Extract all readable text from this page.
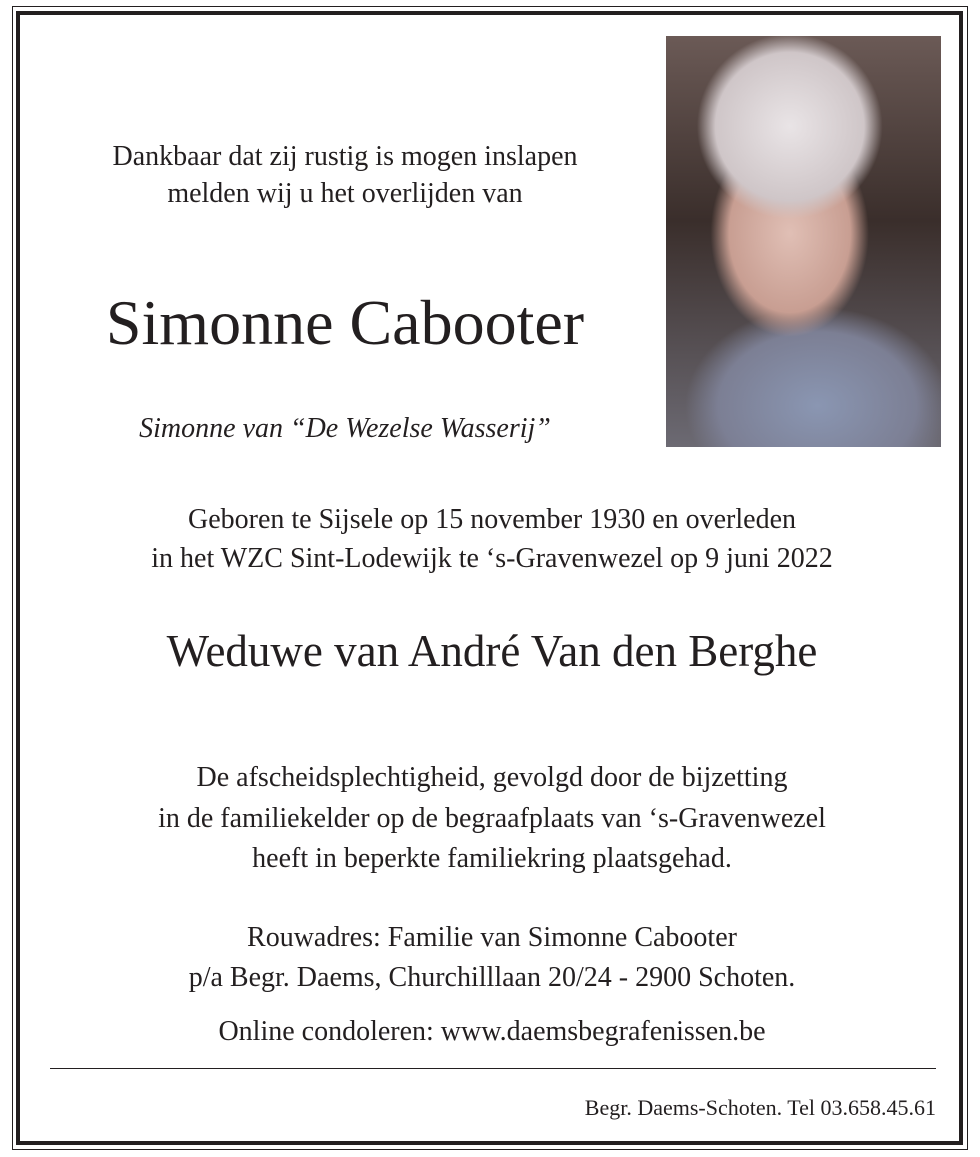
Dankbaar dat zij rustig is mogen inslapen
melden wij u het overlijden van
Simonne Cabooter
Simonne van “De Wezelse Wasserij”
Geboren te Sijsele op 15 november 1930 en overleden
in het WZC Sint-Lodewijk te ‘s-Gravenwezel op 9 juni 2022
Weduwe van André Van den Berghe
De afscheidsplechtigheid, gevolgd door de bijzetting
in de familiekelder op de begraafplaats van ‘s-Gravenwezel
heeft in beperkte familiekring plaatsgehad.
Rouwadres: Familie van Simonne Cabooter
p/a Begr. Daems, Churchilllaan 20/24 - 2900 Schoten.
Online condoleren: www.daemsbegrafenissen.be
Begr. Daems-Schoten. Tel 03.658.45.61
